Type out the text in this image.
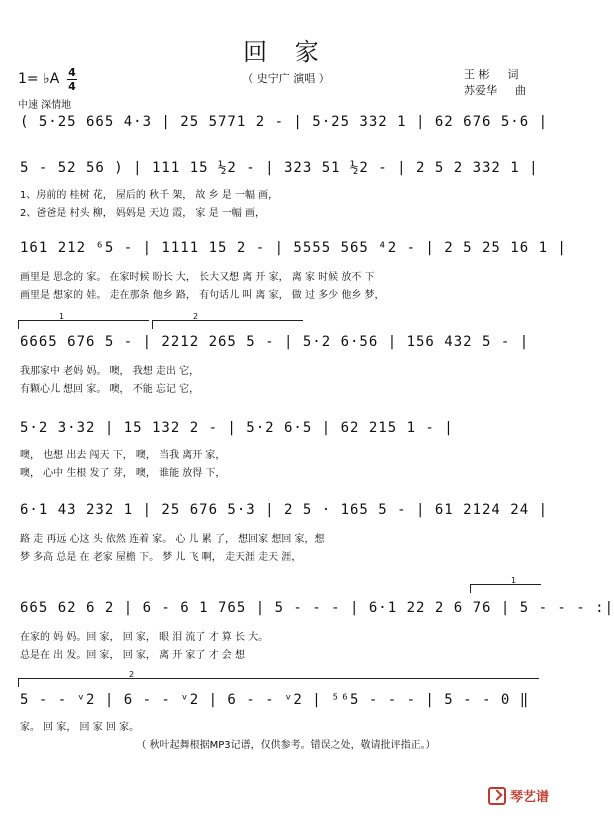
回 家
（ 史宁广 演唱 ）	王 彬 词
苏爱华 曲
1= ♭A 4
4
中速 深情地
( 5·25 665 4·3 | 25 5771 2 - | 5·25 332 1 | 62 676 5·6 |
5 - 52 56 ) | 111 15 ½2 - | 323 51 ½2 - | 2 5 2 332 1 |
1、房前的 桂树 花， 屋后的 秋千 架， 故 乡 是 一幅 画，
2、爸爸是 村头 柳， 妈妈是 天边 霞， 家 是 一幅 画，
161 212 ⁶5 - | 1111 15 2 - | 5555 565 ⁴2 - | 2 5 25 16 1 |
画里是 思念的 家。 在家时候 盼长 大， 长大又想 离 开 家， 离 家 时候 放不 下
画里是 想家的 娃。 走在那条 他乡 路， 有句话儿 叫 离 家， 做 过 多少 他乡 梦，
1	2
6665 676 5 - | 2212 265 5 - | 5·2 6·56 | 156 432 5 - |
我那家中 老妈 妈。 噢， 我想 走出 它，
有颗心儿 想回 家。 噢， 不能 忘记 它，
5·2 3·32 | 15 132 2 - | 5·2 6·5 | 62 215 1 - |
噢， 也想 出去 闯天 下， 噢， 当我 离开 家，
噢， 心中 生根 发了 芽， 噢， 谁能 放得 下，
6·1 43 232 1 | 25 676 5·3 | 2 5 · 165 5 - | 61 2124 24 |
路 走 再远 心这 头 依然 连着 家。 心 儿 累 了， 想回家 想回 家，想
梦 多高 总是 在 老家 屋檐 下。 梦 儿 飞 啊， 走天涯 走天 涯，
1
665 62 6 2 | 6 - 6 1 765 | 5 - - - | 6·1 22 2 6 76 | 5 - - - :|
在家的 妈 妈。回 家， 回 家， 眼 泪 流了 才 算 长 大。
总是在 出 发。回 家， 回 家， 离 开 家了 才 会 想
2
5 - - ᵛ2 | 6 - - ᵛ2 | 6 - - ᵛ2 | ⁵⁶5 - - - | 5 - - 0 ‖
家。 回 家， 回 家 回 家。
（ 秋叶起舞根据MP3记谱，仅供参考。错误之处，敬请批评指正。）
琴艺谱
